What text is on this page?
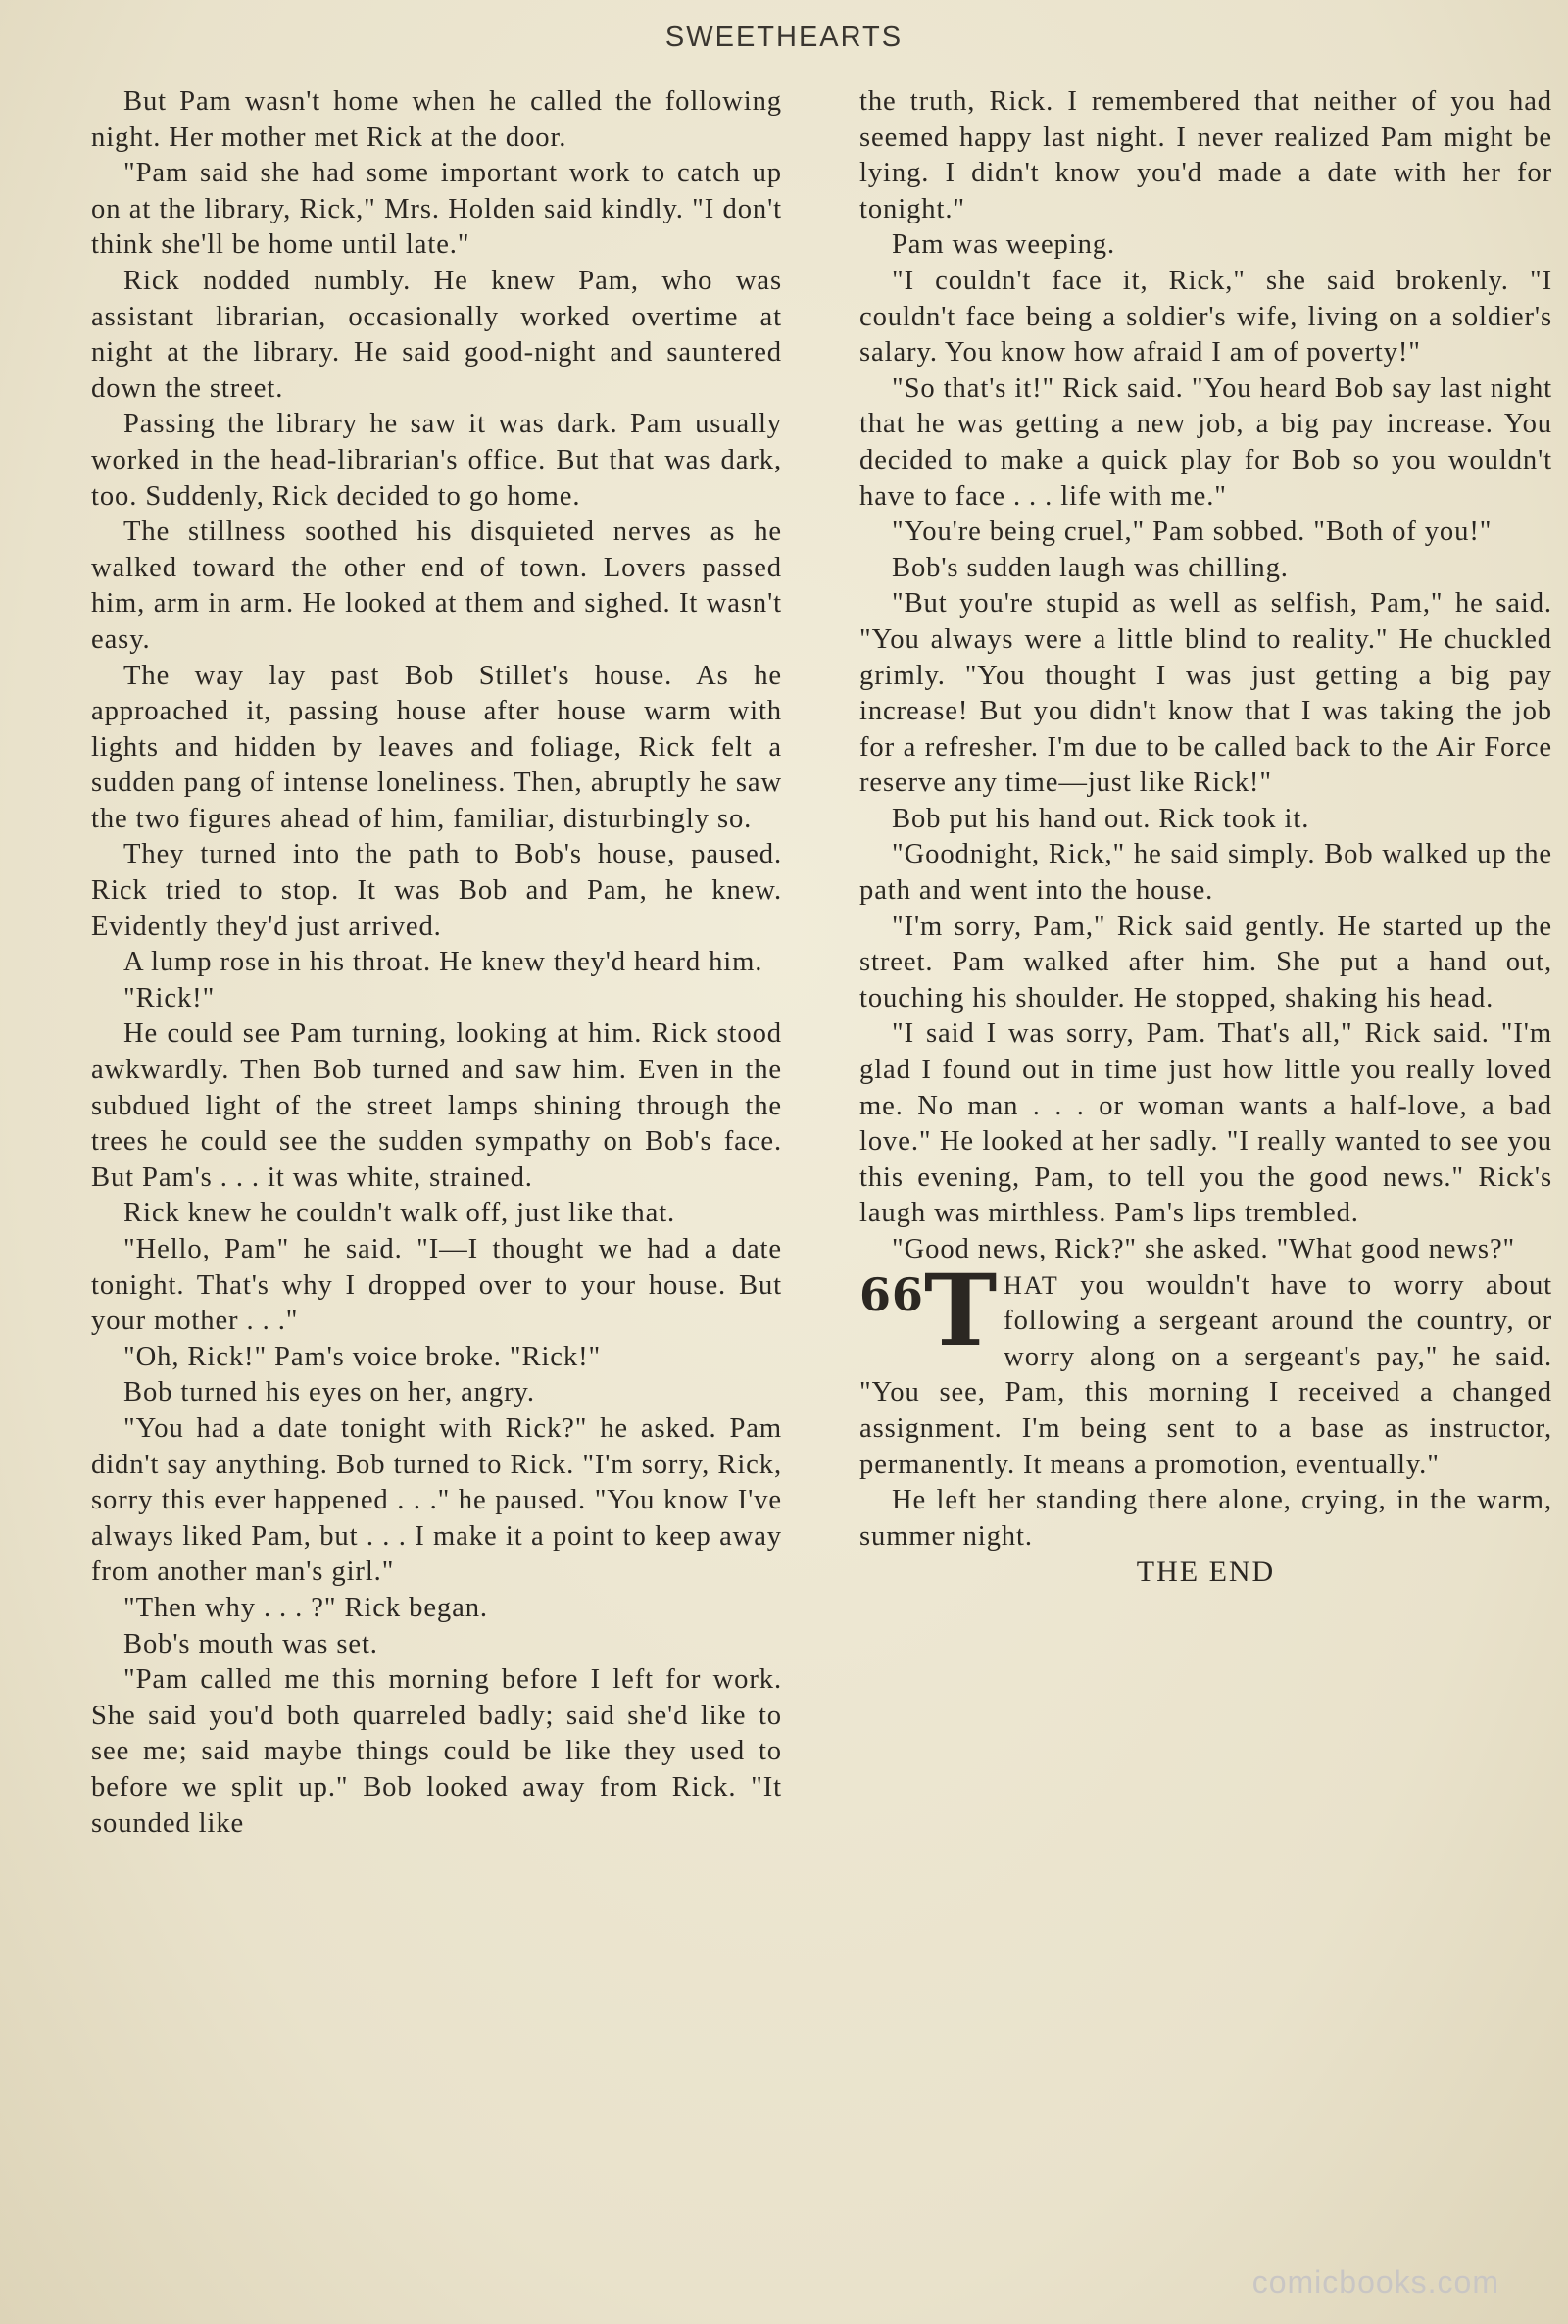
SWEETHEARTS

But Pam wasn't home when he called the following night. Her mother met Rick at the door.

"Pam said she had some important work to catch up on at the library, Rick," Mrs. Holden said kindly. "I don't think she'll be home until late."

Rick nodded numbly. He knew Pam, who was assistant librarian, occasionally worked overtime at night at the library. He said good-night and sauntered down the street.

Passing the library he saw it was dark. Pam usually worked in the head-librarian's office. But that was dark, too. Suddenly, Rick decided to go home.

The stillness soothed his disquieted nerves as he walked toward the other end of town. Lovers passed him, arm in arm. He looked at them and sighed. It wasn't easy.

The way lay past Bob Stillet's house. As he approached it, passing house after house warm with lights and hidden by leaves and foliage, Rick felt a sudden pang of intense loneliness. Then, abruptly he saw the two figures ahead of him, familiar, disturbingly so.

They turned into the path to Bob's house, paused. Rick tried to stop. It was Bob and Pam, he knew. Evidently they'd just arrived.

A lump rose in his throat. He knew they'd heard him.

"Rick!"

He could see Pam turning, looking at him. Rick stood awkwardly. Then Bob turned and saw him. Even in the subdued light of the street lamps shining through the trees he could see the sudden sympathy on Bob's face. But Pam's . . . it was white, strained.

Rick knew he couldn't walk off, just like that.

"Hello, Pam" he said. "I—I thought we had a date tonight. That's why I dropped over to your house. But your mother . . ."

"Oh, Rick!" Pam's voice broke. "Rick!"

Bob turned his eyes on her, angry.

"You had a date tonight with Rick?" he asked. Pam didn't say anything. Bob turned to Rick. "I'm sorry, Rick, sorry this ever happened . . ." he paused. "You know I've always liked Pam, but . . . I make it a point to keep away from another man's girl."

"Then why . . . ?" Rick began.

Bob's mouth was set.

"Pam called me this morning before I left for work. She said you'd both quarreled badly; said she'd like to see me; said maybe things could be like they used to before we split up." Bob looked away from Rick. "It sounded like

the truth, Rick. I remembered that neither of you had seemed happy last night. I never realized Pam might be lying. I didn't know you'd made a date with her for tonight."

Pam was weeping.

"I couldn't face it, Rick," she said brokenly. "I couldn't face being a soldier's wife, living on a soldier's salary. You know how afraid I am of poverty!"

"So that's it!" Rick said. "You heard Bob say last night that he was getting a new job, a big pay increase. You decided to make a quick play for Bob so you wouldn't have to face . . . life with me."

"You're being cruel," Pam sobbed. "Both of you!"

Bob's sudden laugh was chilling.

"But you're stupid as well as selfish, Pam," he said. "You always were a little blind to reality." He chuckled grimly. "You thought I was just getting a big pay increase! But you didn't know that I was taking the job for a refresher. I'm due to be called back to the Air Force reserve any time—just like Rick!"

Bob put his hand out. Rick took it.

"Goodnight, Rick," he said simply. Bob walked up the path and went into the house.

"I'm sorry, Pam," Rick said gently. He started up the street. Pam walked after him. She put a hand out, touching his shoulder. He stopped, shaking his head.

"I said I was sorry, Pam. That's all," Rick said. "I'm glad I found out in time just how little you really loved me. No man . . . or woman wants a half-love, a bad love." He looked at her sadly. "I really wanted to see you this evening, Pam, to tell you the good news." Rick's laugh was mirthless. Pam's lips trembled.

"Good news, Rick?" she asked. "What good news?"

$^{66}$T HAT you wouldn't have to worry about following a sergeant around the country, or worry along on a sergeant's pay," he said. "You see, Pam, this morning I received a changed assignment. I'm being sent to a base as instructor, permanently. It means a promotion, eventually."

He left her standing there alone, crying, in the warm, summer night.

THE END

comicbooks.com
